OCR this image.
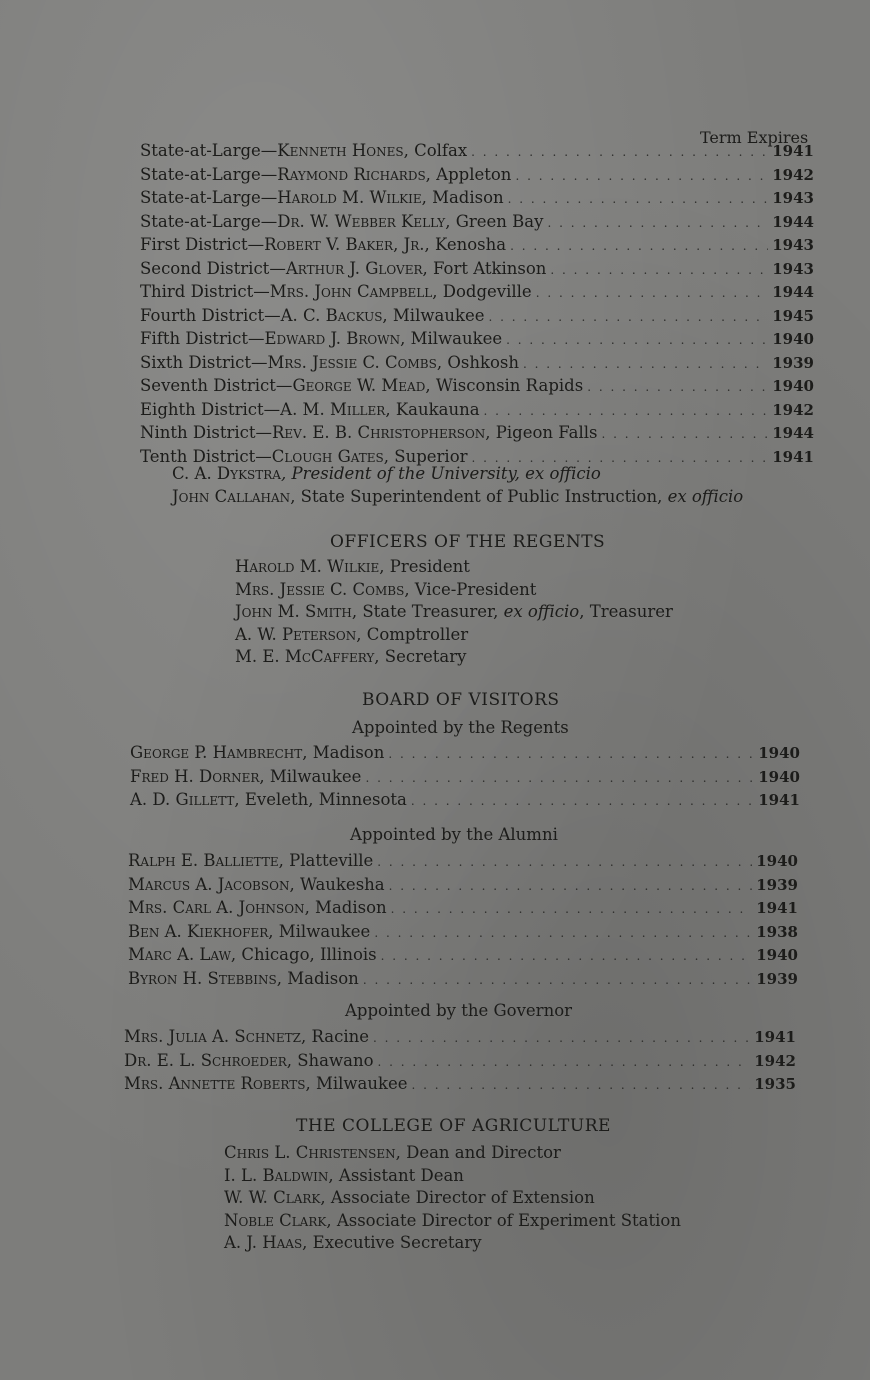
Term Expires
State-at-Large— Kenneth Hones , Colfax . . .	1941
State-at-Large— Raymond Richards , Appleton . . .	1942
State-at-Large— Harold M. Wilkie , Madison . . .	1943
State-at-Large— Dr. W. Webber Kelly , Green Bay . . .	1944
First District— Robert V. Baker, Jr. , Kenosha . . .	1943
Second District— Arthur J. Glover , Fort Atkinson . . .	1943
Third District— Mrs. John Campbell , Dodgeville . . .	1944
Fourth District— A. C. Backus , Milwaukee . . .	1945
Fifth District— Edward J. Brown , Milwaukee . . .	1940
Sixth District— Mrs. Jessie C. Combs , Oshkosh . . .	1939
Seventh District— George W. Mead , Wisconsin Rapids . . .	1940
Eighth District— A. M. Miller , Kaukauna . . .	1942
Ninth District— Rev. E. B. Christopherson , Pigeon Falls . . .	1944
Tenth District— Clough Gates , Superior . . .	1941
C. A. Dykstra, President of the University, ex officio
John Callahan, State Superintendent of Public Instruction, ex officio
OFFICERS OF THE REGENTS
Harold M. Wilkie, President
Mrs. Jessie C. Combs, Vice-President
John M. Smith, State Treasurer, ex officio, Treasurer
A. W. Peterson, Comptroller
M. E. McCaffery, Secretary
BOARD OF VISITORS
Appointed by the Regents
George P. Hambrecht , Madison . . .	1940
Fred H. Dorner , Milwaukee . . .	1940
A. D. Gillett , Eveleth, Minnesota . . .	1941
Appointed by the Alumni
Ralph E. Balliette , Platteville . . .	1940
Marcus A. Jacobson , Waukesha . . .	1939
Mrs. Carl A. Johnson , Madison . . .	1941
Ben A. Kiekhofer , Milwaukee . . .	1938
Marc A. Law , Chicago, Illinois . . .	1940
Byron H. Stebbins , Madison . . .	1939
Appointed by the Governor
Mrs. Julia A. Schnetz , Racine . . .	1941
Dr. E. L. Schroeder , Shawano . . .	1942
Mrs. Annette Roberts , Milwaukee . . .	1935
THE COLLEGE OF AGRICULTURE
Chris L. Christensen, Dean and Director
I. L. Baldwin, Assistant Dean
W. W. Clark, Associate Director of Extension
Noble Clark, Associate Director of Experiment Station
A. J. Haas, Executive Secretary
